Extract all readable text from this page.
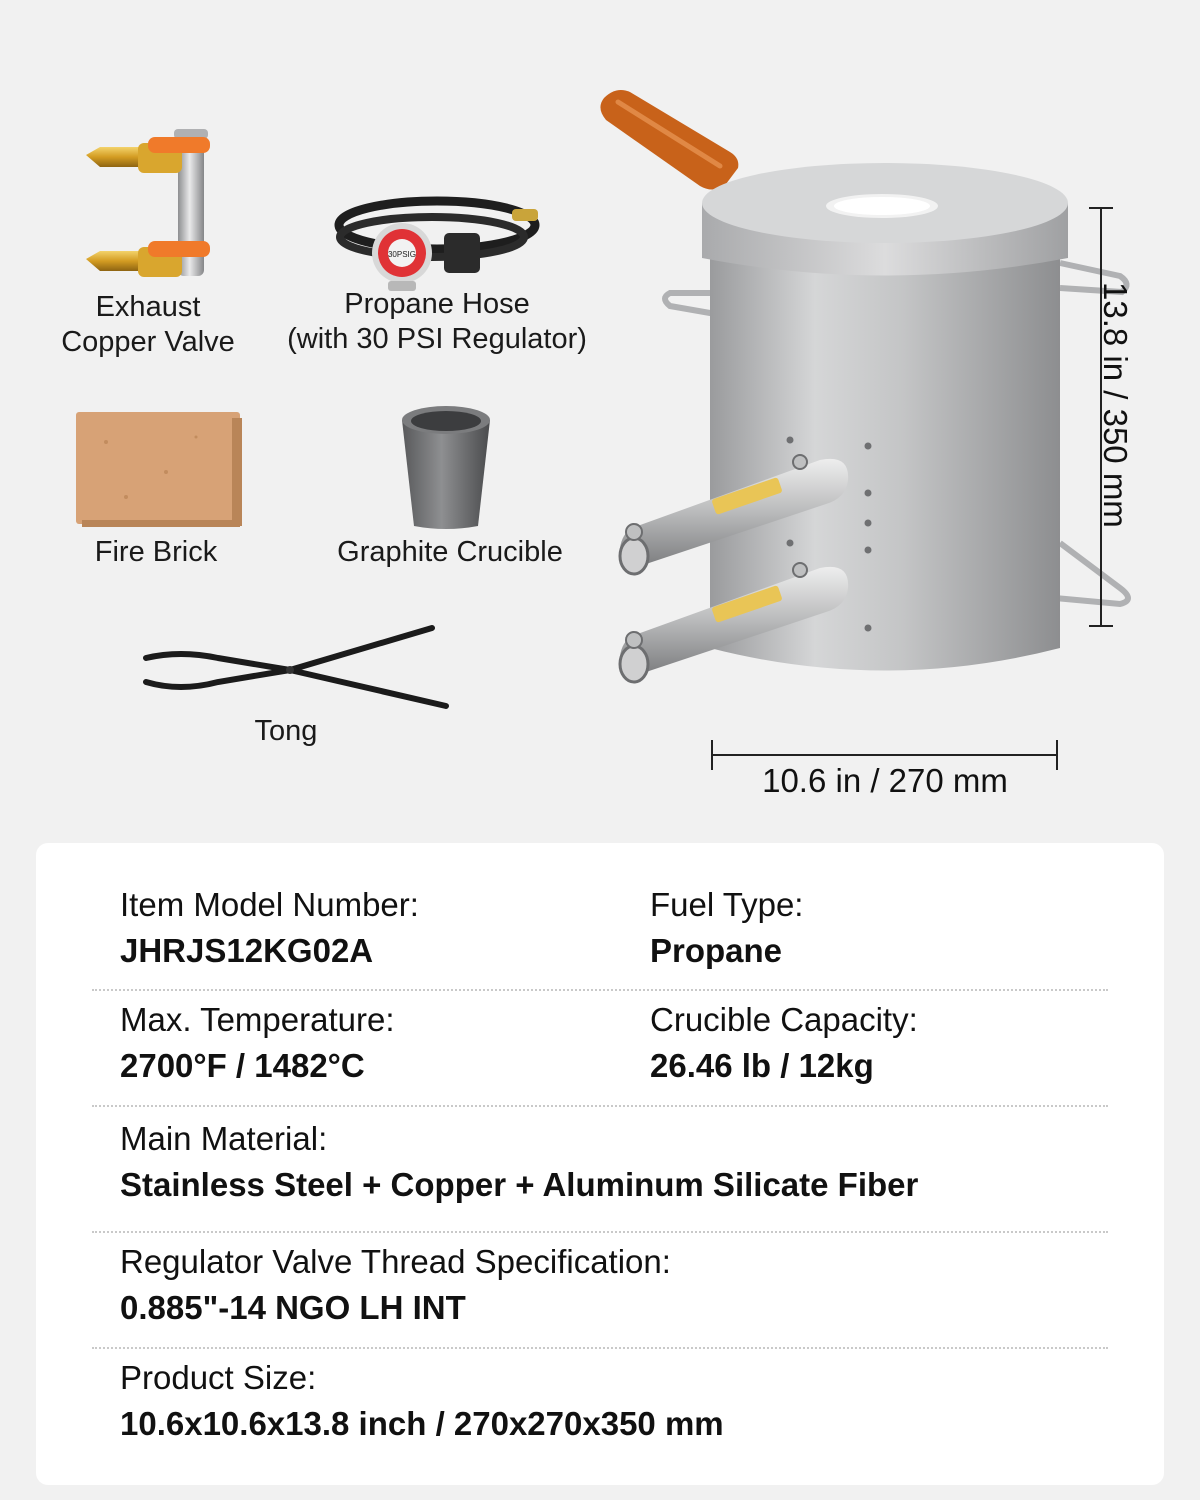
Exhaust
Copper Valve
30PSIG
Propane Hose
(with 30 PSI Regulator)
Fire Brick	Graphite Crucible
Tong
13.8 in / 350 mm
10.6 in / 270 mm
Item Model Number:
JHRJS12KG02A
Fuel Type:
Propane
Max. Temperature:
2700°F / 1482°C
Crucible Capacity:
26.46 lb / 12kg
Main Material:
Stainless Steel + Copper + Aluminum Silicate Fiber
Regulator Valve Thread Specification:
0.885"-14 NGO LH INT
Product Size:
10.6x10.6x13.8 inch / 270x270x350 mm
